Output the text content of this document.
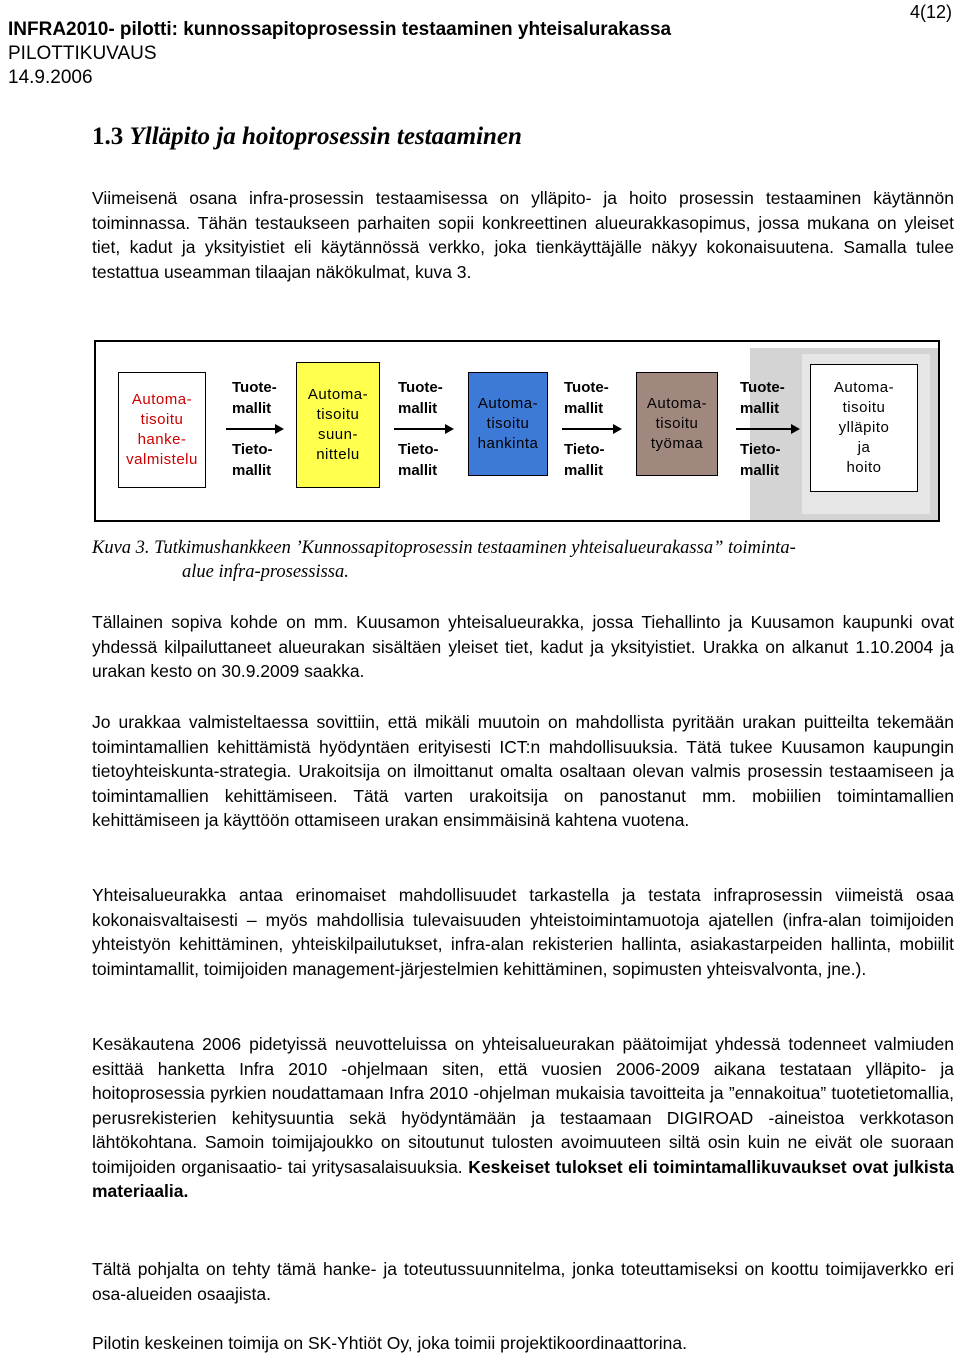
4(12)
INFRA2010- pilotti: kunnossapitoprosessin testaaminen yhteisalurakassa
PILOTTIKUVAUS
14.9.2006
1.3 Ylläpito ja hoitoprosessin testaaminen
Viimeisenä osana infra-prosessin testaamisessa on ylläpito- ja hoito prosessin testaaminen käytännön toiminnassa. Tähän testaukseen parhaiten sopii konkreettinen alueurakkasopimus, jossa mukana on yleiset tiet, kadut ja yksityistiet eli käytännössä verkko, joka tienkäyttäjälle näkyy kokonaisuutena. Samalla tulee testattua useamman tilaajan näkökulmat, kuva 3.
Automa-
tisoitu
hanke-
valmistelu
Automa-
tisoitu
suun-
nittelu
Automa-
tisoitu
hankinta
Automa-
tisoitu
työmaa
Automa-
tisoitu
ylläpito
ja
hoito
Tuote-
mallit
Tieto-
mallit
Tuote-
mallit
Tieto-
mallit
Tuote-
mallit
Tieto-
mallit
Tuote-
mallit
Tieto-
mallit
Kuva 3. Tutkimushankkeen ’Kunnossapitoprosessin testaaminen yhteisalueurakassa” toiminta-
alue infra-prosessissa.
Tällainen sopiva kohde on mm. Kuusamon yhteisalueurakka, jossa Tiehallinto ja Kuusamon kaupunki ovat yhdessä kilpailuttaneet alueurakan sisältäen yleiset tiet, kadut ja yksityistiet. Urakka on alkanut 1.10.2004 ja urakan kesto on 30.9.2009 saakka.
Jo urakkaa valmisteltaessa sovittiin, että mikäli muutoin on mahdollista pyritään urakan puitteilta tekemään toimintamallien kehittämistä hyödyntäen erityisesti ICT:n mahdollisuuksia. Tätä tukee Kuusamon kaupungin tietoyhteiskunta-strategia. Urakoitsija on ilmoittanut omalta osaltaan olevan valmis prosessin testaamiseen ja toimintamallien kehittämiseen. Tätä varten urakoitsija on panostanut mm. mobiilien toimintamallien kehittämiseen ja käyttöön ottamiseen urakan ensimmäisinä kahtena vuotena.
Yhteisalueurakka antaa erinomaiset mahdollisuudet tarkastella ja testata infraprosessin viimeistä osaa kokonaisvaltaisesti – myös mahdollisia tulevaisuuden yhteistoimintamuotoja ajatellen (infra-alan toimijoiden yhteistyön kehittäminen, yhteiskilpailutukset, infra-alan rekisterien hallinta, asiakastarpeiden hallinta, mobiilit toimintamallit, toimijoiden management-järjestelmien kehittäminen, sopimusten yhteisvalvonta, jne.).
Kesäkautena 2006 pidetyissä neuvotteluissa on yhteisalueurakan päätoimijat yhdessä todenneet valmiuden esittää hanketta Infra 2010 -ohjelmaan siten, että vuosien 2006-2009 aikana testataan ylläpito- ja hoitoprosessia pyrkien noudattamaan Infra 2010 -ohjelman mukaisia tavoitteita ja ”ennakoitua” tuotetietomallia, perusrekisterien kehitysuuntia sekä hyödyntämään ja testaamaan DIGIROAD -aineistoa verkkotason lähtökohtana. Samoin toimijajoukko on sitoutunut tulosten avoimuuteen siltä osin kuin ne eivät ole suoraan toimijoiden organisaatio- tai yritysasalaisuuksia. Keskeiset tulokset eli toimintamallikuvaukset ovat julkista materiaalia.
Tältä pohjalta on tehty tämä hanke- ja toteutussuunnitelma, jonka toteuttamiseksi on koottu toimijaverkko eri osa-alueiden osaajista.
Pilotin keskeinen toimija on SK-Yhtiöt Oy, joka toimii projektikoordinaattorina.
